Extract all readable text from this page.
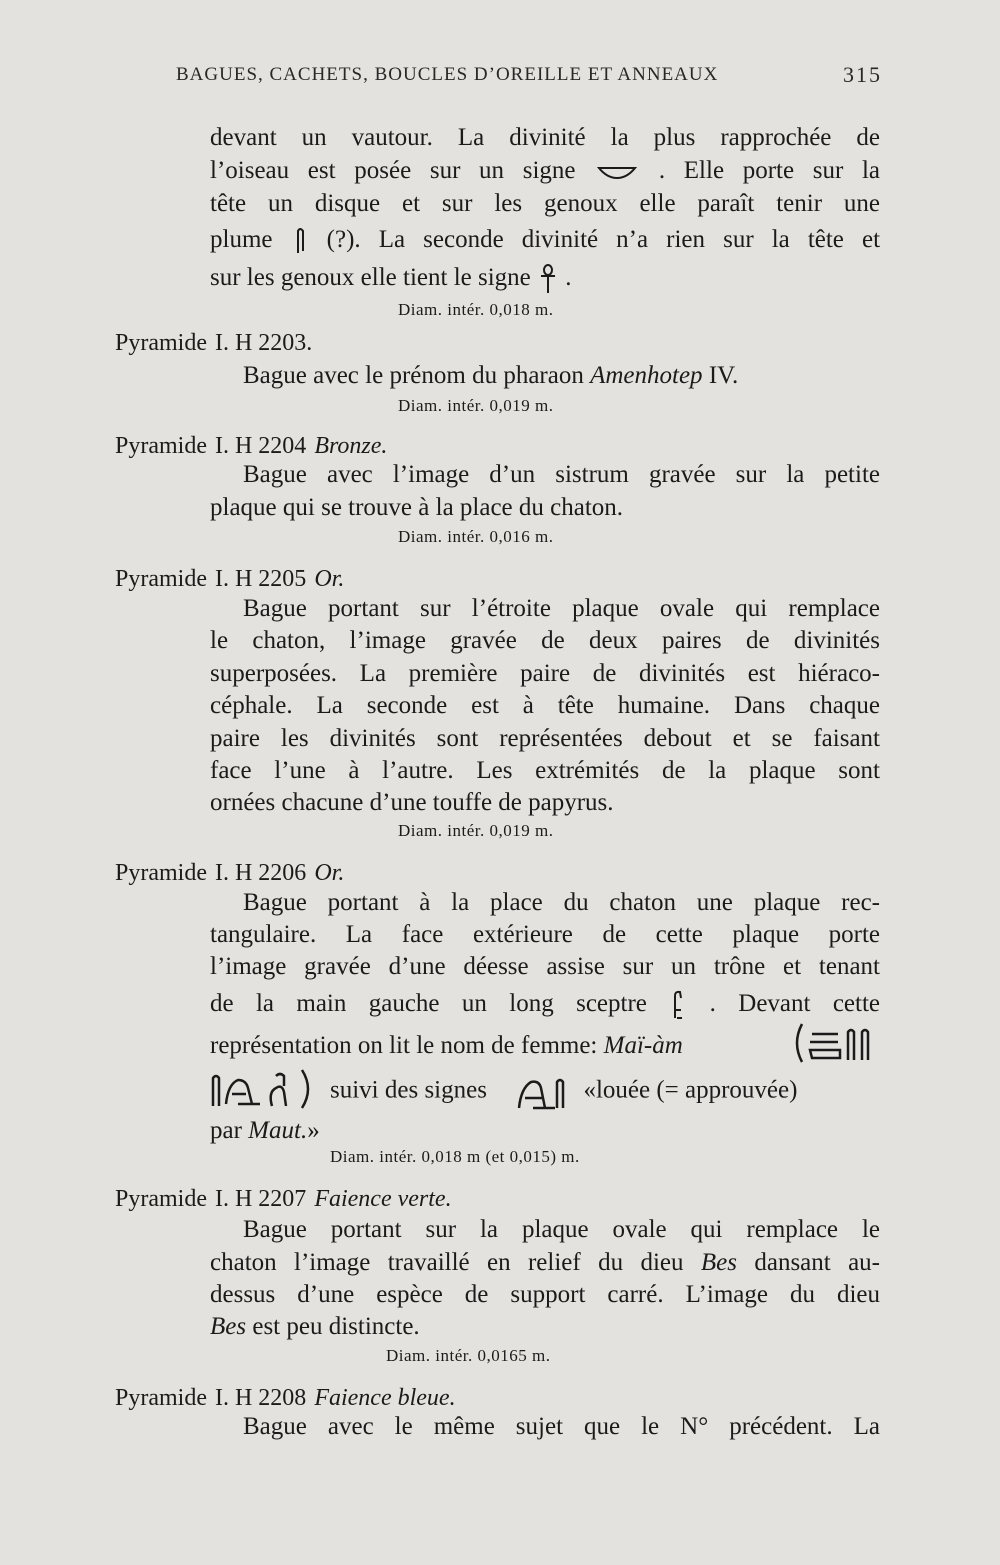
BAGUES, CACHETS, BOUCLES D’OREILLE ET ANNEAUX	315
devant un vautour. La divinité la plus rapprochée de
l’oiseau est posée sur un signe	. Elle porte sur la
tête un disque et sur les genoux elle paraît tenir une
plume (?). La seconde divinité n’a rien sur la tête et
sur les genoux elle tient le signe .
Diam. intér. 0,018 m.
Pyramide I. H 2203.
Bague avec le prénom du pharaon Amenhotep IV.
Diam. intér. 0,019 m.
Pyramide I. H 2204 Bronze.
Bague avec l’image d’un sistrum gravée sur la petite
plaque qui se trouve à la place du chaton.
Diam. intér. 0,016 m.
Pyramide I. H 2205 Or.
Bague portant sur l’étroite plaque ovale qui remplace
le chaton, l’image gravée de deux paires de divinités
superposées. La première paire de divinités est hiéraco-
céphale. La seconde est à tête humaine. Dans chaque
paire les divinités sont représentées debout et se faisant
face l’une à l’autre. Les extrémités de la plaque sont
ornées chacune d’une touffe de papyrus.
Diam. intér. 0,019 m.
Pyramide I. H 2206 Or.
Bague portant à la place du chaton une plaque rec-
tangulaire. La face extérieure de cette plaque porte
l’image gravée d’une déesse assise sur un trône et tenant
de la main gauche un long sceptre	. Devant cette
représentation on lit le nom de femme: Maï-àm
suivi des signes	«louée (= approuvée)
par Maut.»
Diam. intér. 0,018 m (et 0,015) m.
Pyramide I. H 2207 Faience verte.
Bague portant sur la plaque ovale qui remplace le
chaton l’image travaillé en relief du dieu Bes dansant au-
dessus d’une espèce de support carré. L’image du dieu
Bes est peu distincte.
Diam. intér. 0,0165 m.
Pyramide I. H 2208 Faience bleue.
Bague avec le même sujet que le N° précédent. La
